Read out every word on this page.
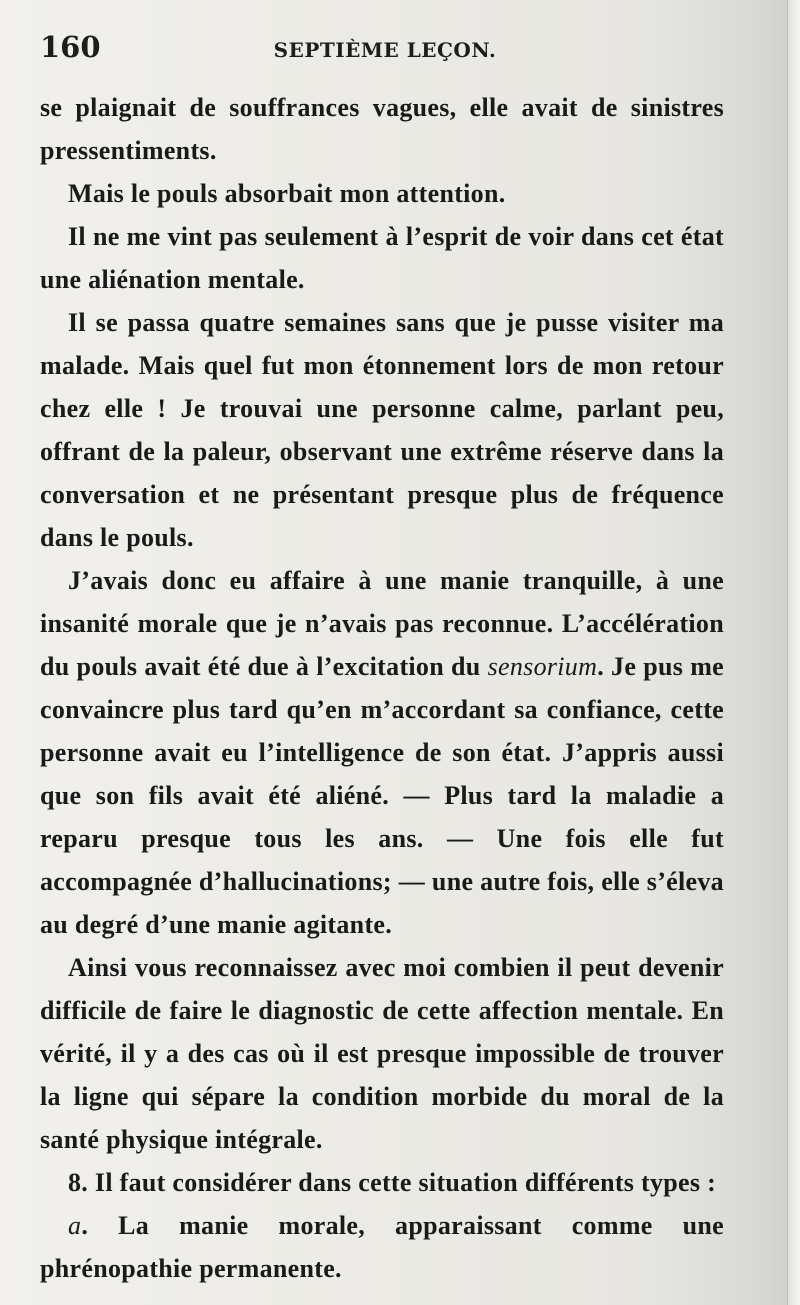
160	SEPTIÈME LEÇON.

se plaignait de souffrances vagues, elle avait de sinistres pressentiments.

Mais le pouls absorbait mon attention.

Il ne me vint pas seulement à l’esprit de voir dans cet état une aliénation mentale.

Il se passa quatre semaines sans que je pusse visiter ma malade. Mais quel fut mon étonnement lors de mon retour chez elle ! Je trouvai une personne calme, parlant peu, offrant de la paleur, observant une extrême réserve dans la conversation et ne présentant presque plus de fréquence dans le pouls.

J’avais donc eu affaire à une manie tranquille, à une insanité morale que je n’avais pas reconnue. L’accélération du pouls avait été due à l’excitation du sensorium. Je pus me convaincre plus tard qu’en m’accordant sa confiance, cette personne avait eu l’intelligence de son état. J’appris aussi que son fils avait été aliéné. — Plus tard la maladie a reparu presque tous les ans. — Une fois elle fut accompagnée d’hallucinations; — une autre fois, elle s’éleva au degré d’une manie agitante.

Ainsi vous reconnaissez avec moi combien il peut devenir difficile de faire le diagnostic de cette affection mentale. En vérité, il y a des cas où il est presque impossible de trouver la ligne qui sépare la condition morbide du moral de la santé physique intégrale.

8. Il faut considérer dans cette situation différents types :

a. La manie morale, apparaissant comme une phrénopathie permanente.
